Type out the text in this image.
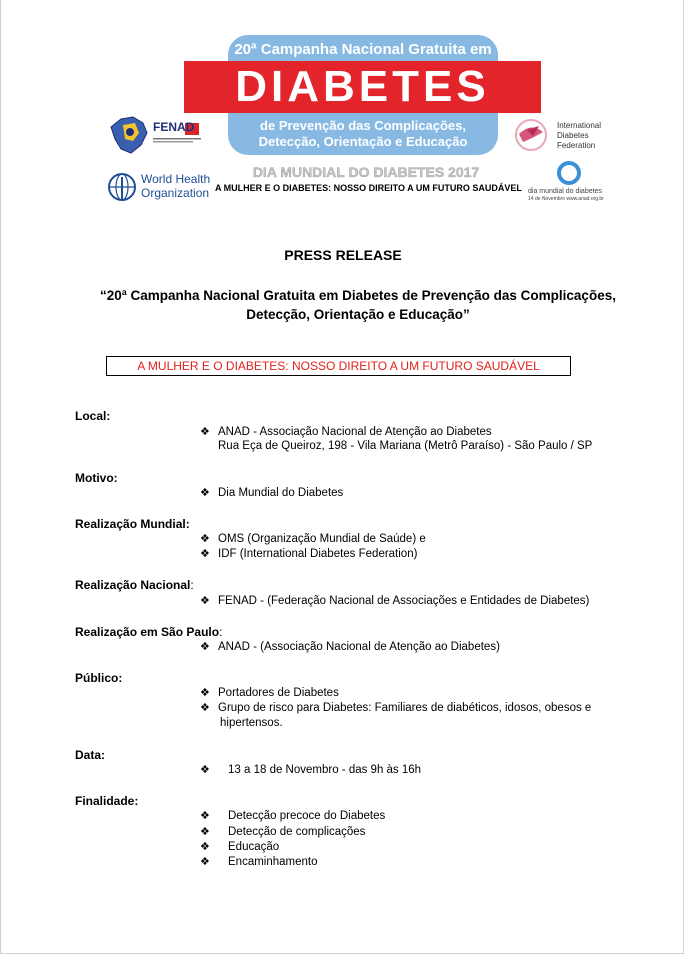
20ª Campanha Nacional Gratuita em
DIABETES
de Prevenção das Complicações,
Detecção, Orientação e Educação
DIA MUNDIAL DO DIABETES 2017
A MULHER E O DIABETES: NOSSO DIREITO A UM FUTURO SAUDÁVEL
FENAD	International
Diabetes
Federation
World Health
Organization	dia mundial do diabetes
14 de Novembro www.anad.org.br
PRESS RELEASE
“20ª Campanha Nacional Gratuita em Diabetes de Prevenção das Complicações,
Detecção, Orientação e Educação”
A MULHER E O DIABETES: NOSSO DIREITO A UM FUTURO SAUDÁVEL
Local:
❖ ANAD - Associação Nacional de Atenção ao Diabetes
Rua Eça de Queiroz, 198 - Vila Mariana (Metrô Paraíso) - São Paulo / SP
Motivo:
❖ Dia Mundial do Diabetes
Realização Mundial:
❖ OMS (Organização Mundial de Saúde) e
❖ IDF (International Diabetes Federation)
Realização Nacional:
❖ FENAD - (Federação Nacional de Associações e Entidades de Diabetes)
Realização em São Paulo:
❖ ANAD - (Associação Nacional de Atenção ao Diabetes)
Público:
❖ Portadores de Diabetes
❖ Grupo de risco para Diabetes: Familiares de diabéticos, idosos, obesos e
hipertensos.
Data:
❖ 13 a 18 de Novembro - das 9h às 16h
Finalidade:
❖ Detecção precoce do Diabetes
❖ Detecção de complicações
❖ Educação
❖ Encaminhamento
